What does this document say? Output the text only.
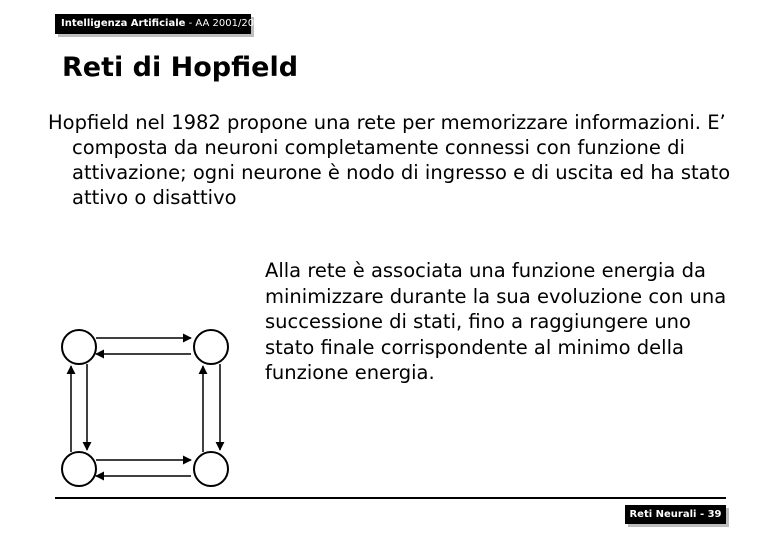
Intelligenza Artificiale - AA 2001/2002
Reti di Hopfield

Hopfield nel 1982 propone una rete per memorizzare informazioni. E’ composta da neuroni completamente connessi con funzione di attivazione; ogni neurone è nodo di ingresso e di uscita ed ha stato attivo o disattivo

Alla rete è associata una funzione energia da minimizzare durante la sua evoluzione con una successione di stati, fino a raggiungere uno stato finale corrispondente al minimo della funzione energia.

Reti Neurali - 39
